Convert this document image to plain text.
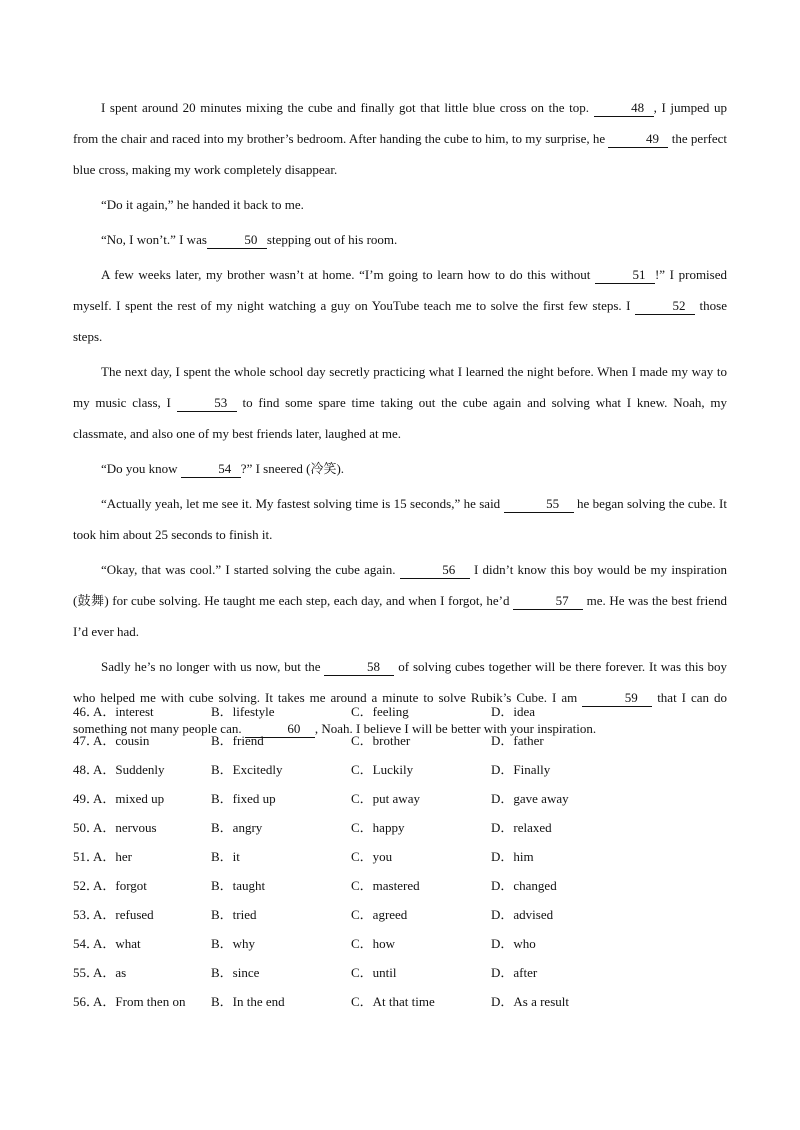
I spent around 20 minutes mixing the cube and finally got that little blue cross on the top.	48 , I jumped up from the chair and raced into my brother’s bedroom. After handing the cube to him, to my surprise, he	49 the perfect blue cross, making my work completely disappear.

“Do it again,” he handed it back to me.

“No, I won’t.” I was	50 stepping out of his room.

A few weeks later, my brother wasn’t at home. “I’m going to learn how to do this without	51 !” I promised myself. I spent the rest of my night watching a guy on YouTube teach me to solve the first few steps. I	52 those steps.

The next day, I spent the whole school day secretly practicing what I learned the night before. When I made my way to my music class, I	53 to find some spare time taking out the cube again and solving what I knew. Noah, my classmate, and also one of my best friends later, laughed at me.

“Do you know	54 ?” I sneered (冷笑).

“Actually yeah, let me see it. My fastest solving time is 15 seconds,” he said	55 he began solving the cube. It took him about 25 seconds to finish it.

“Okay, that was cool.” I started solving the cube again.	56 I didn’t know this boy would be my inspiration (鼓舞) for cube solving. He taught me each step, each day, and when I forgot, he’d	57 me. He was the best friend I’d ever had.

Sadly he’s no longer with us now, but the	58 of solving cubes together will be there forever. It was this boy who helped me with cube solving. It takes me around a minute to solve Rubik’s Cube. I am	59 that I can do something not many people can.	60 , Noah. I believe I will be better with your inspiration.

46．
A．interest	B．lifestyle	C．feeling	D．idea
47．
A．cousin	B．friend	C．brother	D．father
48．
A．Suddenly	B．Excitedly	C．Luckily	D．Finally
49．
A．mixed up	B．fixed up	C．put away	D．gave away
50．
A．nervous	B．angry	C．happy	D．relaxed
51．
A．her	B．it	C．you	D．him
52．
A．forgot	B．taught	C．mastered	D．changed
53．
A．refused	B．tried	C．agreed	D．advised
54．
A．what	B．why	C．how	D．who
55．
A．as	B．since	C．until	D．after
56．
A．From then on	B．In the end	C．At that time	D．As a result
